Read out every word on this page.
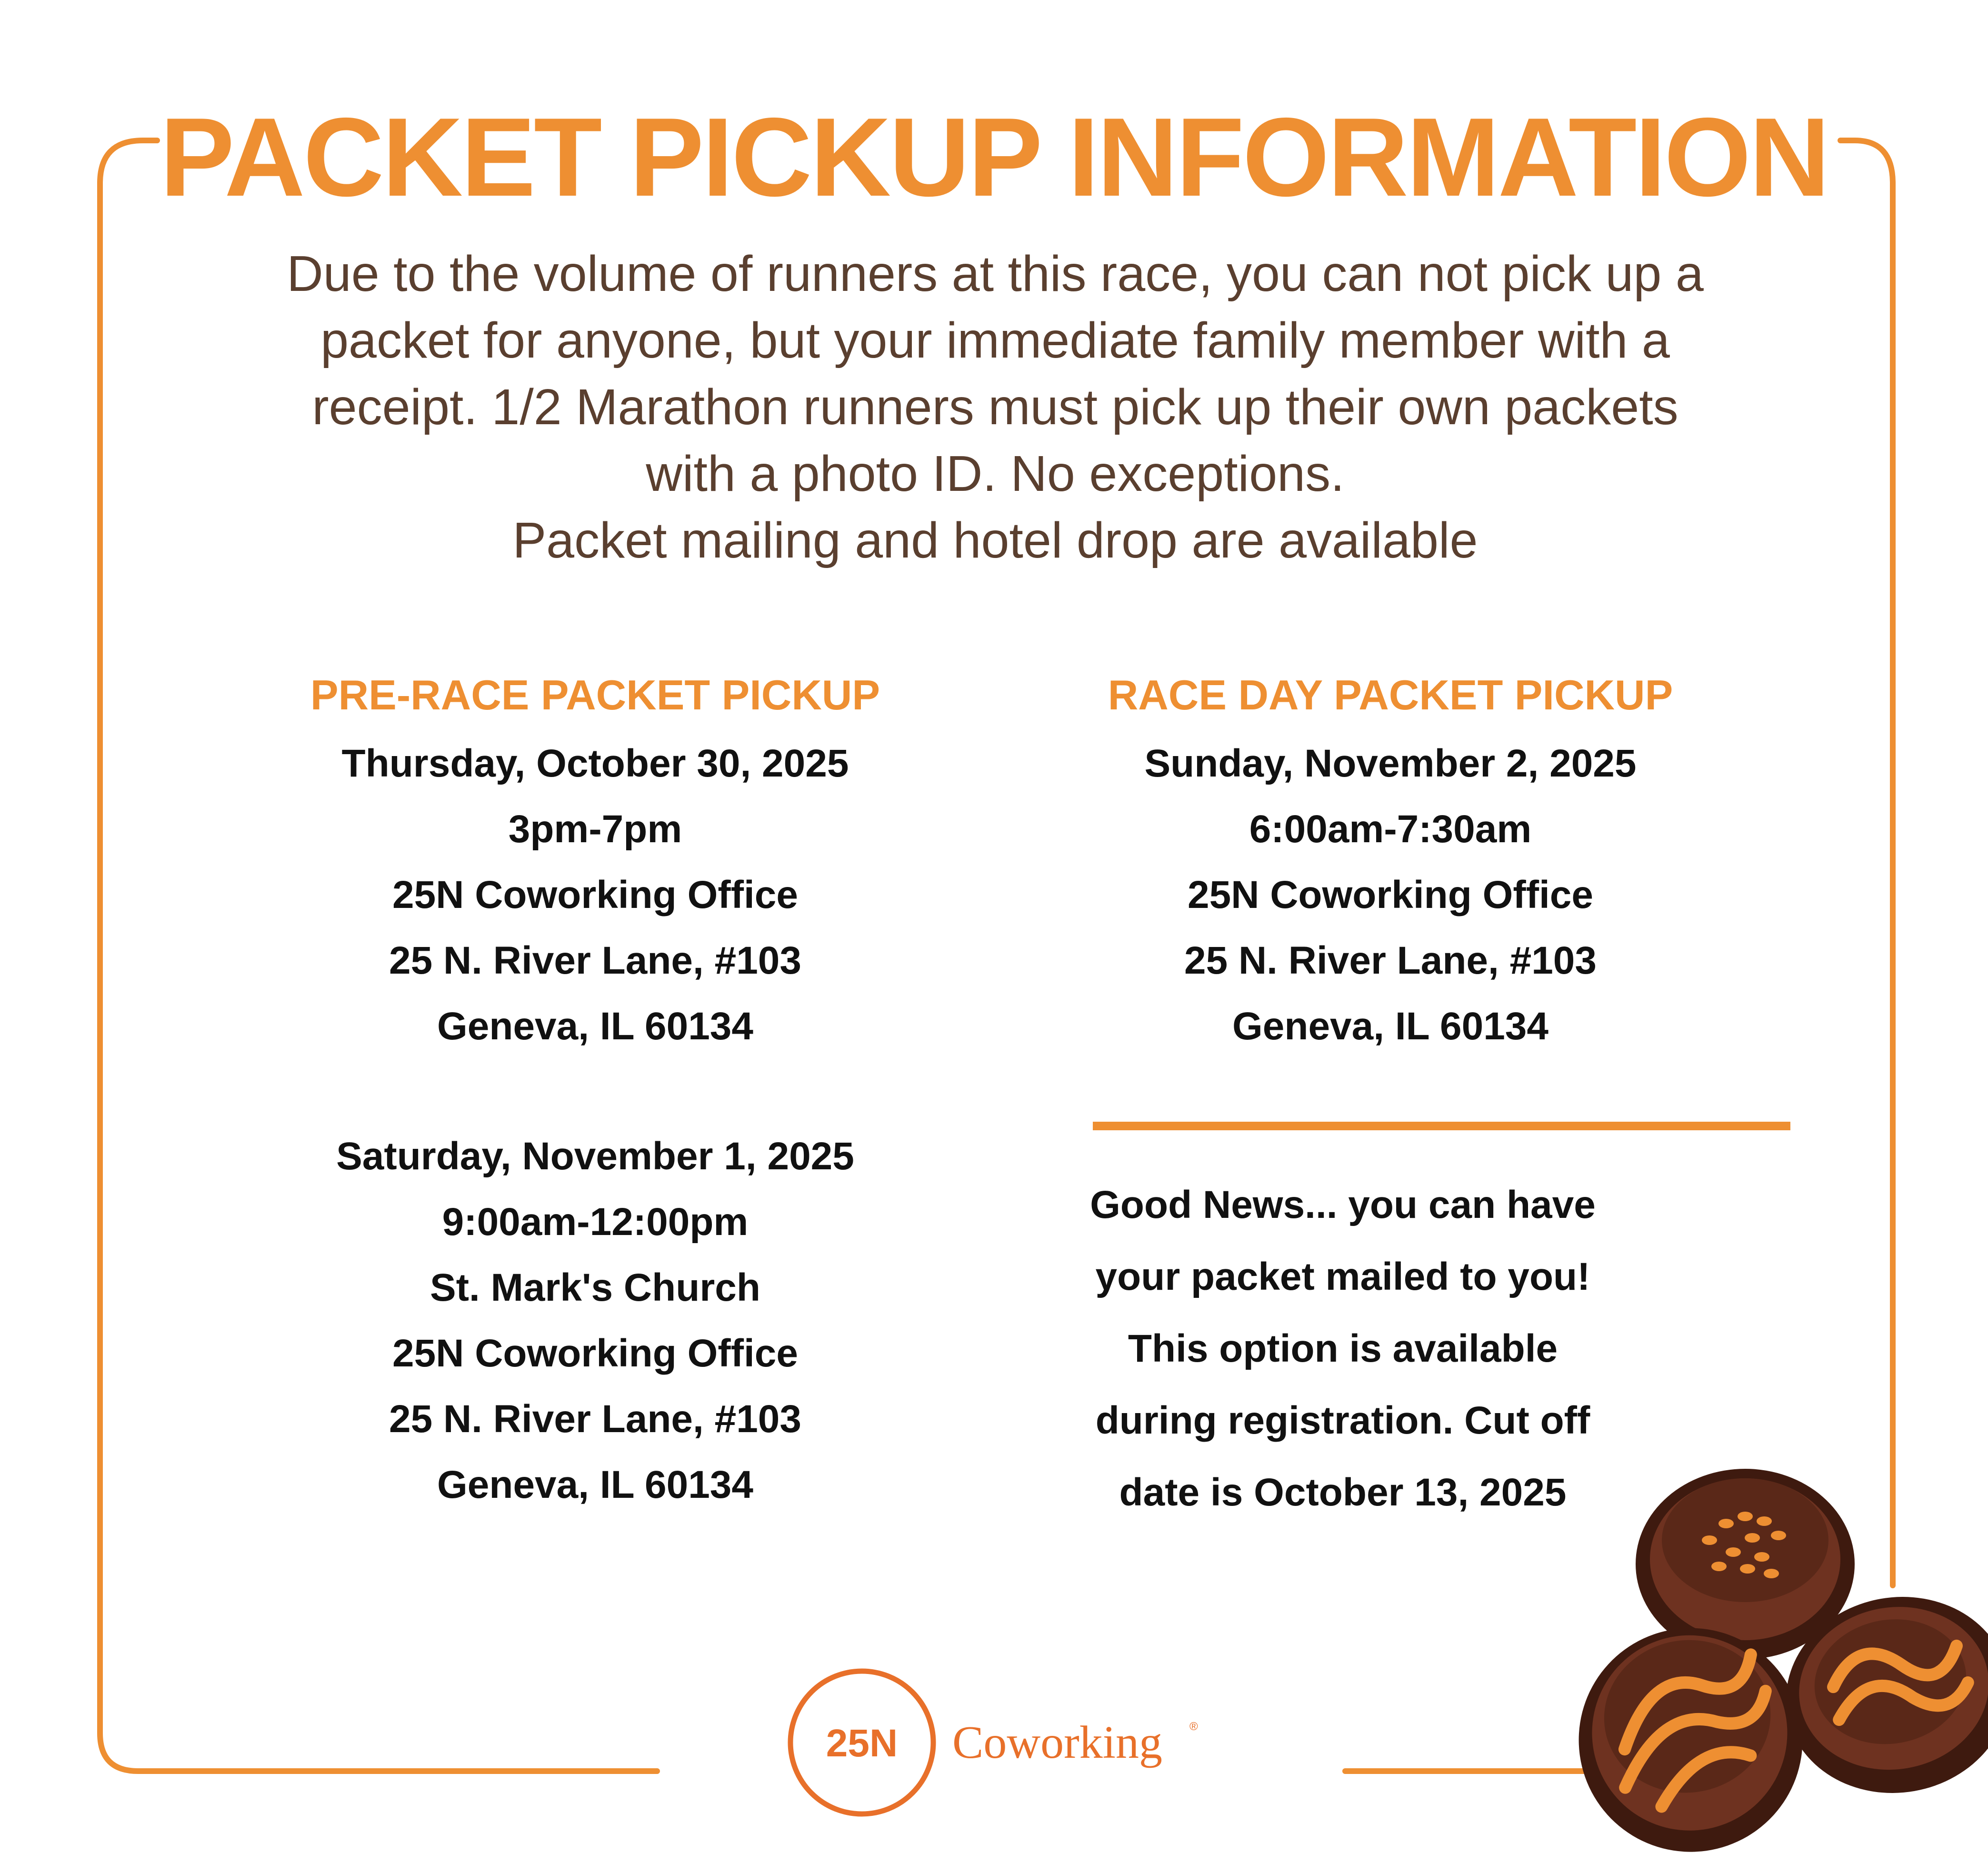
PACKET PICKUP INFORMATION
Due to the volume of runners at this race, you can not pick up a
packet for anyone, but your immediate family member with a
receipt. 1/2 Marathon runners must pick up their own packets
with a photo ID. No exceptions.
Packet mailing and hotel drop are available
PRE-RACE PACKET PICKUP
Thursday, October 30, 2025
3pm-7pm
25N Coworking Office
25 N. River Lane, #103
Geneva, IL 60134
Saturday, November 1, 2025
9:00am-12:00pm
St. Mark's Church
25N Coworking Office
25 N. River Lane, #103
Geneva, IL 60134
RACE DAY PACKET PICKUP
Sunday, November 2, 2025
6:00am-7:30am
25N Coworking Office
25 N. River Lane, #103
Geneva, IL 60134
Good News... you can have
your packet mailed to you!
This option is available
during registration. Cut off
date is October 13, 2025
25N	Coworking ®
